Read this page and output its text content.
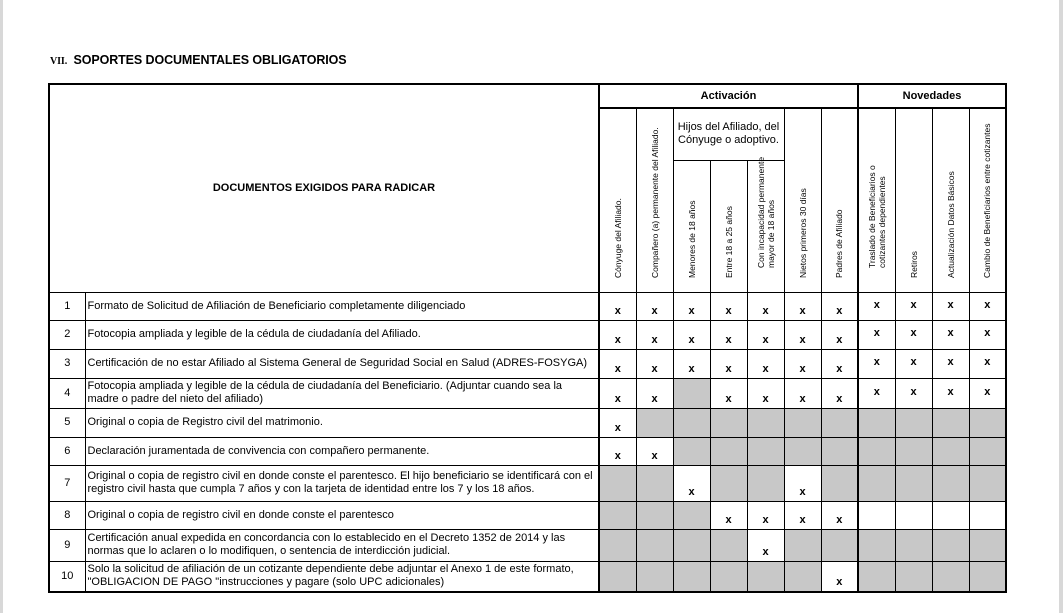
VII. SOPORTES DOCUMENTALES OBLIGATORIOS
DOCUMENTOS EXIGIDOS PARA RADICAR		Activación							Novedades			

		Cónyuge del Afiliado.	Compañero (a) permanente del Afiliado.	Hijos del Afiliado, del Cónyuge o adoptivo.			Nietos primeros 30 días	Padres de Afiliado	Traslado de Beneficiarios o cotizantes dependientes	Retiros	Actualización Datos Básicos	Cambio de Beneficiarios entre cotizantes

				Menores de 18 años	Entre 18 a 25 años	Con incapacidad permanente mayor de 18 años						

1	Formato de Solicitud de Afiliación de Beneficiario completamente diligenciado	x	x	x	x	x	x	x	x	x	x	x
2	Fotocopia ampliada y legible de la cédula de ciudadanía del Afiliado.	x	x	x	x	x	x	x	x	x	x	x
3	Certificación de no estar Afiliado al Sistema General de Seguridad Social en Salud (ADRES-FOSYGA)	x	x	x	x	x	x	x	x	x	x	x
4	Fotocopia ampliada y legible de la cédula de ciudadanía del Beneficiario. (Adjuntar cuando sea la madre o padre del nieto del afiliado)	x	x		x	x	x	x	x	x	x	x
5	Original o copia de Registro civil del matrimonio.	x										
6	Declaración juramentada de convivencia con compañero permanente.	x	x									
7	Original o copia de registro civil en donde conste el parentesco. El hijo beneficiario se identificará con el registro civil hasta que cumpla 7 años y con la tarjeta de identidad entre los 7 y los 18 años.			x			x					
8	Original o copia de registro civil en donde conste el parentesco				x	x	x	x				
9	Certificación anual expedida en concordancia con lo establecido en el Decreto 1352 de 2014 y las normas que lo aclaren o lo modifiquen, o sentencia de interdicción judicial.					x						
10	Solo la solicitud de afiliación de un cotizante dependiente debe adjuntar el Anexo 1 de este formato, "OBLIGACION DE PAGO "instrucciones y pagare (solo UPC adicionales)							x				
